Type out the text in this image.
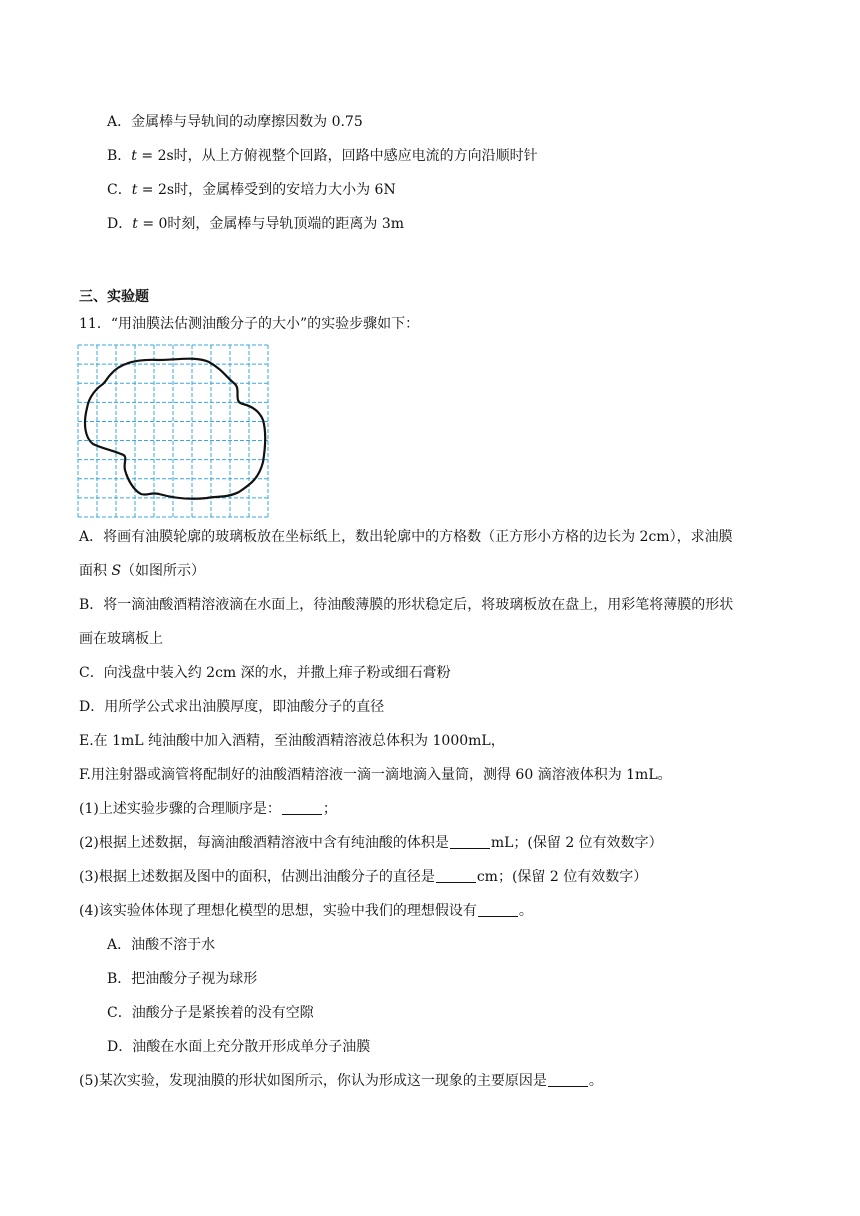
A．金属棒与导轨间的动摩擦因数为 0.75
B．t = 2s时，从上方俯视整个回路，回路中感应电流的方向沿顺时针
C．t = 2s时，金属棒受到的安培力大小为 6N
D．t = 0时刻，金属棒与导轨顶端的距离为 3m
三、实验题
11．“用油膜法估测油酸分子的大小”的实验步骤如下：
A．将画有油膜轮廓的玻璃板放在坐标纸上，数出轮廓中的方格数（正方形小方格的边长为 2cm），求油膜
面积 S（如图所示）
B．将一滴油酸酒精溶液滴在水面上，待油酸薄膜的形状稳定后，将玻璃板放在盘上，用彩笔将薄膜的形状
画在玻璃板上
C．向浅盘中装入约 2cm 深的水，并撒上痱子粉或细石膏粉
D．用所学公式求出油膜厚度，即油酸分子的直径
E.在 1mL 纯油酸中加入酒精，至油酸酒精溶液总体积为 1000mL，
F.用注射器或滴管将配制好的油酸酒精溶液一滴一滴地滴入量筒，测得 60 滴溶液体积为 1mL。
(1)上述实验步骤的合理顺序是：	；
(2)根据上述数据，每滴油酸酒精溶液中含有纯油酸的体积是	mL；(保留 2 位有效数字）
(3)根据上述数据及图中的面积，估测出油酸分子的直径是	cm；(保留 2 位有效数字）
(4)该实验体体现了理想化模型的思想，实验中我们的理想假设有	。
A．油酸不溶于水
B．把油酸分子视为球形
C．油酸分子是紧挨着的没有空隙
D．油酸在水面上充分散开形成单分子油膜
(5)某次实验，发现油膜的形状如图所示，你认为形成这一现象的主要原因是	。
